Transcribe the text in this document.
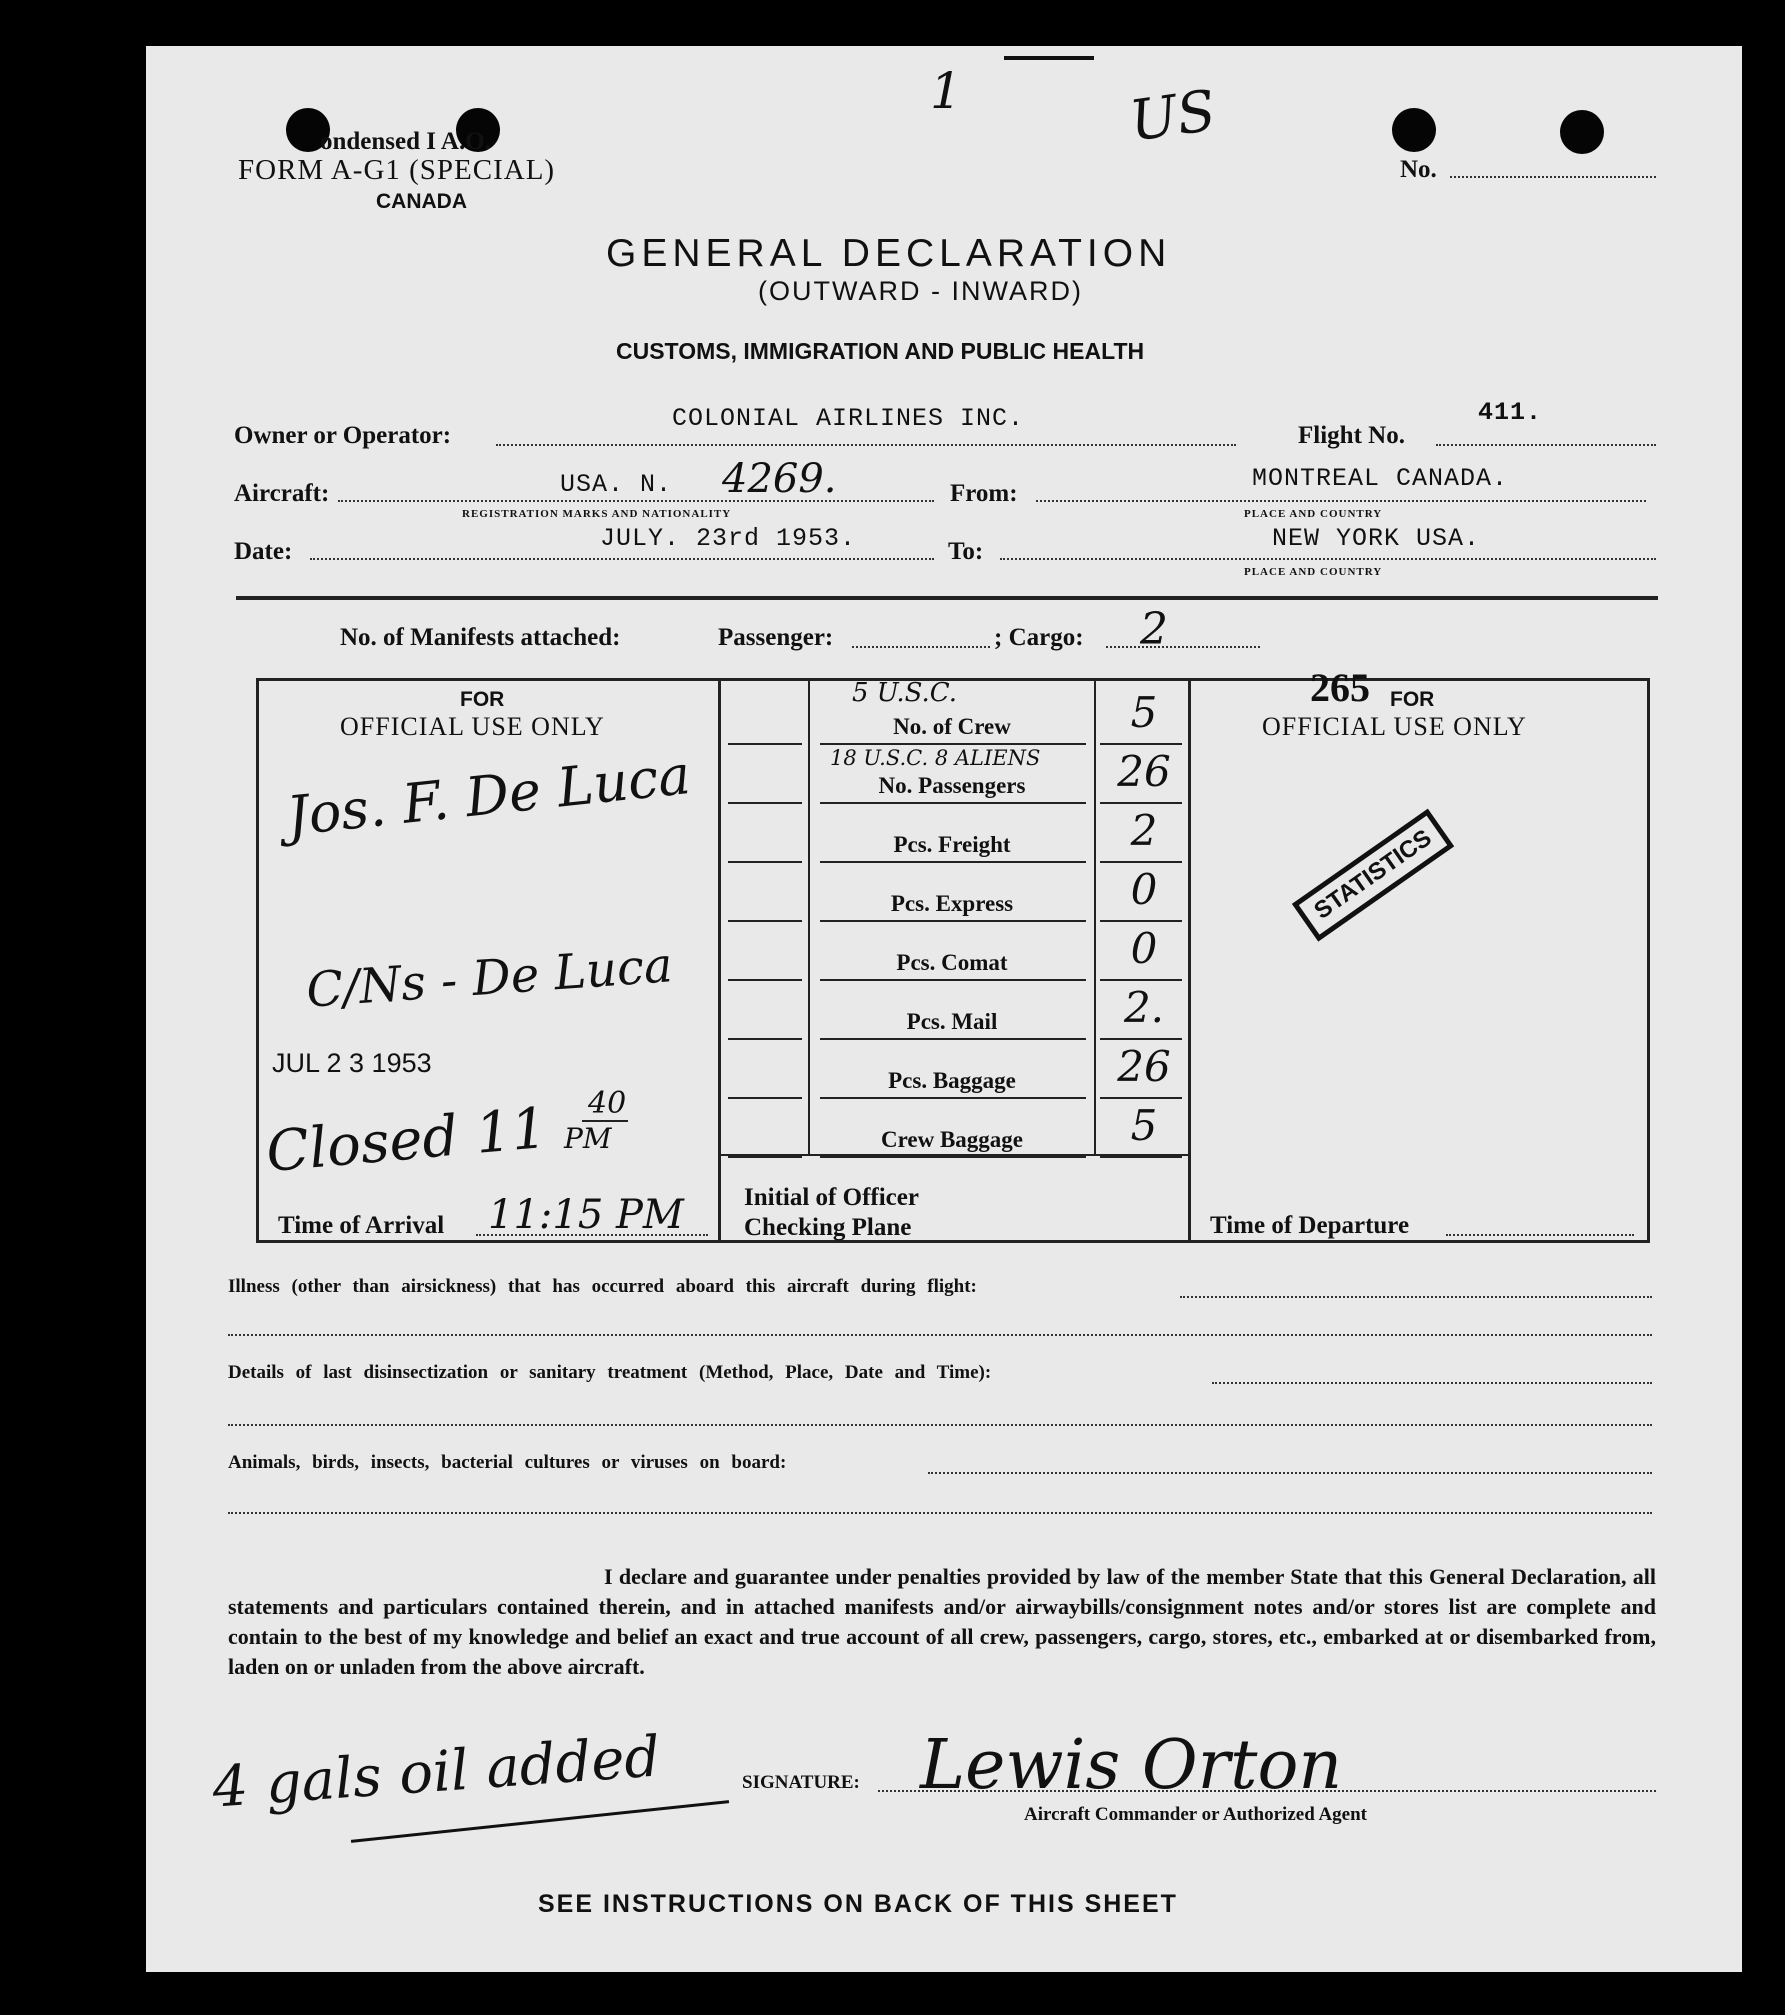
ondensed I A.O.
FORM A-G1 (SPECIAL)
CANADA
1	US
No.
GENERAL DECLARATION
(OUTWARD - INWARD)
CUSTOMS, IMMIGRATION AND PUBLIC HEALTH
Owner or Operator:
COLONIAL AIRLINES INC.
Flight No.
411.
Aircraft:	USA. N. 4269.
REGISTRATION MARKS AND NATIONALITY
From:
MONTREAL CANADA.
PLACE AND COUNTRY
Date:	JULY. 23rd 1953.	To:	NEW YORK USA.
PLACE AND COUNTRY
No. of Manifests attached:	Passenger:	; Cargo: 2
FOR
OFFICIAL USE ONLY
Jos. F. De Luca
C/Ns - De Luca
JUL 2 3 1953
Closed 11 40
PM
Time of Arrival 11:15 PM Initial of Officer
Checking Plane
No. of Crew	5
No. Passengers	26
Pcs. Freight	2
Pcs. Express	0
Pcs. Comat	0
Pcs. Mail	2.
Pcs. Baggage	26
Crew Baggage	5
5 U.S.C.
18 U.S.C. 8 ALIENS
265 FOR
OFFICIAL USE ONLY
STATISTICS
Time of Departure
Illness (other than airsickness) that has occurred aboard this aircraft during flight:
Details of last disinsectization or sanitary treatment (Method, Place, Date and Time):
Animals, birds, insects, bacterial cultures or viruses on board:
I declare and guarantee under penalties provided by law of the member State that this General Declaration, all statements and particulars contained therein, and in attached manifests and/or airwaybills/consignment notes and/or stores list are complete and contain to the best of my knowledge and belief an exact and true account of all crew, passengers, cargo, stores, etc., embarked at or disembarked from, laden on or unladen from the above aircraft.
4 gals oil added	SIGNATURE: Lewis Orton
Aircraft Commander or Authorized Agent
SEE INSTRUCTIONS ON BACK OF THIS SHEET
